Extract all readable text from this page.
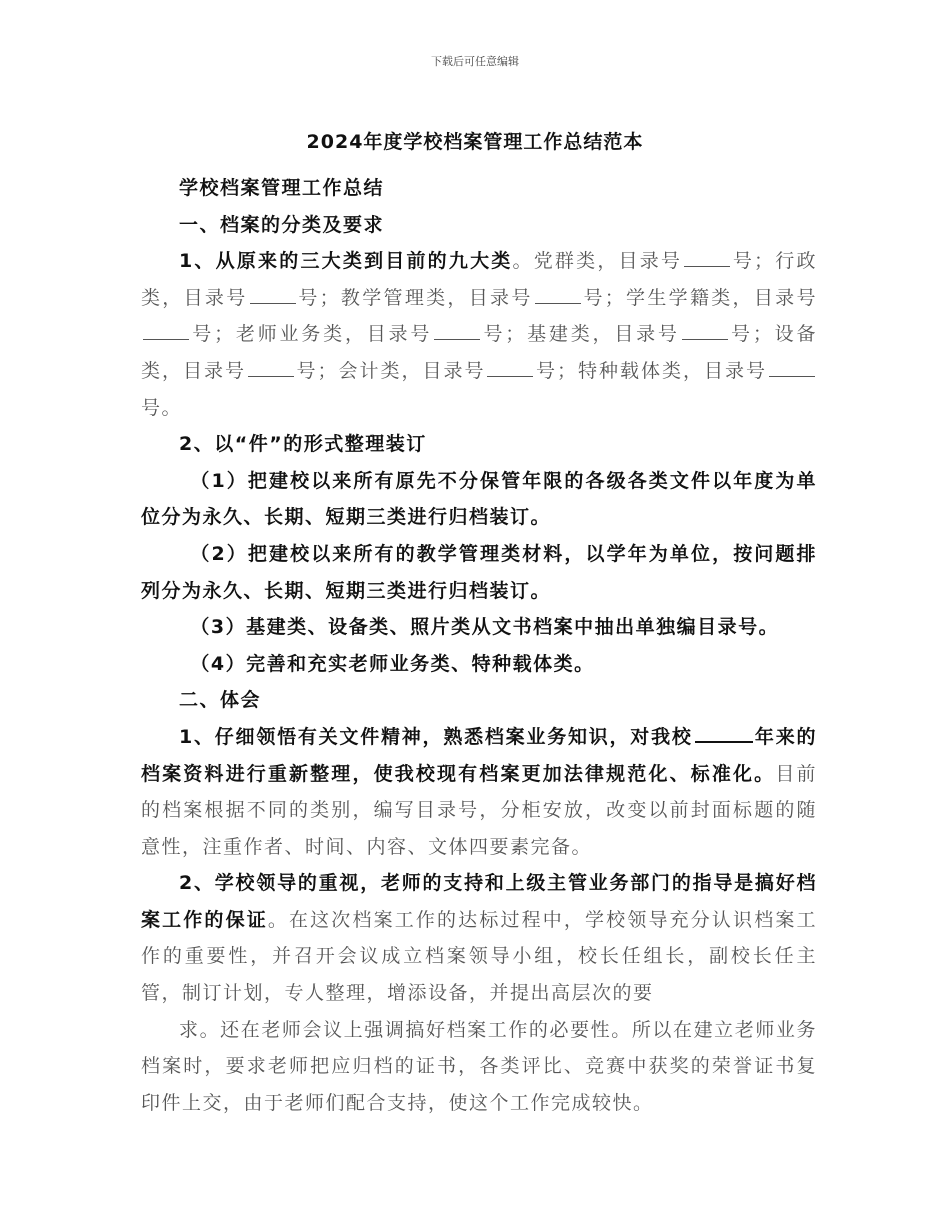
下载后可任意编辑
2024年度学校档案管理工作总结范本

学校档案管理工作总结

一、档案的分类及要求

1、从原来的三大类到目前的九大类。党群类，目录号	号；行政类，目录号	号；教学管理类，目录号	号；学生学籍类，目录号号；老师业务类，目录号	号；基建类，目录号	号；设备类，目录号	号；会计类，目录号	号；特种载体类，目录号号。

2、以“件”的形式整理装订

（1）把建校以来所有原先不分保管年限的各级各类文件以年度为单位分为永久、长期、短期三类进行归档装订。

（2）把建校以来所有的教学管理类材料，以学年为单位，按问题排列分为永久、长期、短期三类进行归档装订。

（3）基建类、设备类、照片类从文书档案中抽出单独编目录号。

（4）完善和充实老师业务类、特种载体类。

二、体会

1、仔细领悟有关文件精神，熟悉档案业务知识，对我校	年来的档案资料进行重新整理，使我校现有档案更加法律规范化、标准化。目前的档案根据不同的类别，编写目录号，分柜安放，改变以前封面标题的随意性，注重作者、时间、内容、文体四要素完备。

2、学校领导的重视，老师的支持和上级主管业务部门的指导是搞好档案工作的保证。在这次档案工作的达标过程中，学校领导充分认识档案工作的重要性，并召开会议成立档案领导小组，校长任组长，副校长任主管，制订计划，专人整理，增添设备，并提出高层次的要

求。还在老师会议上强调搞好档案工作的必要性。所以在建立老师业务档案时，要求老师把应归档的证书，各类评比、竞赛中获奖的荣誉证书复印件上交，由于老师们配合支持，使这个工作完成较快。
